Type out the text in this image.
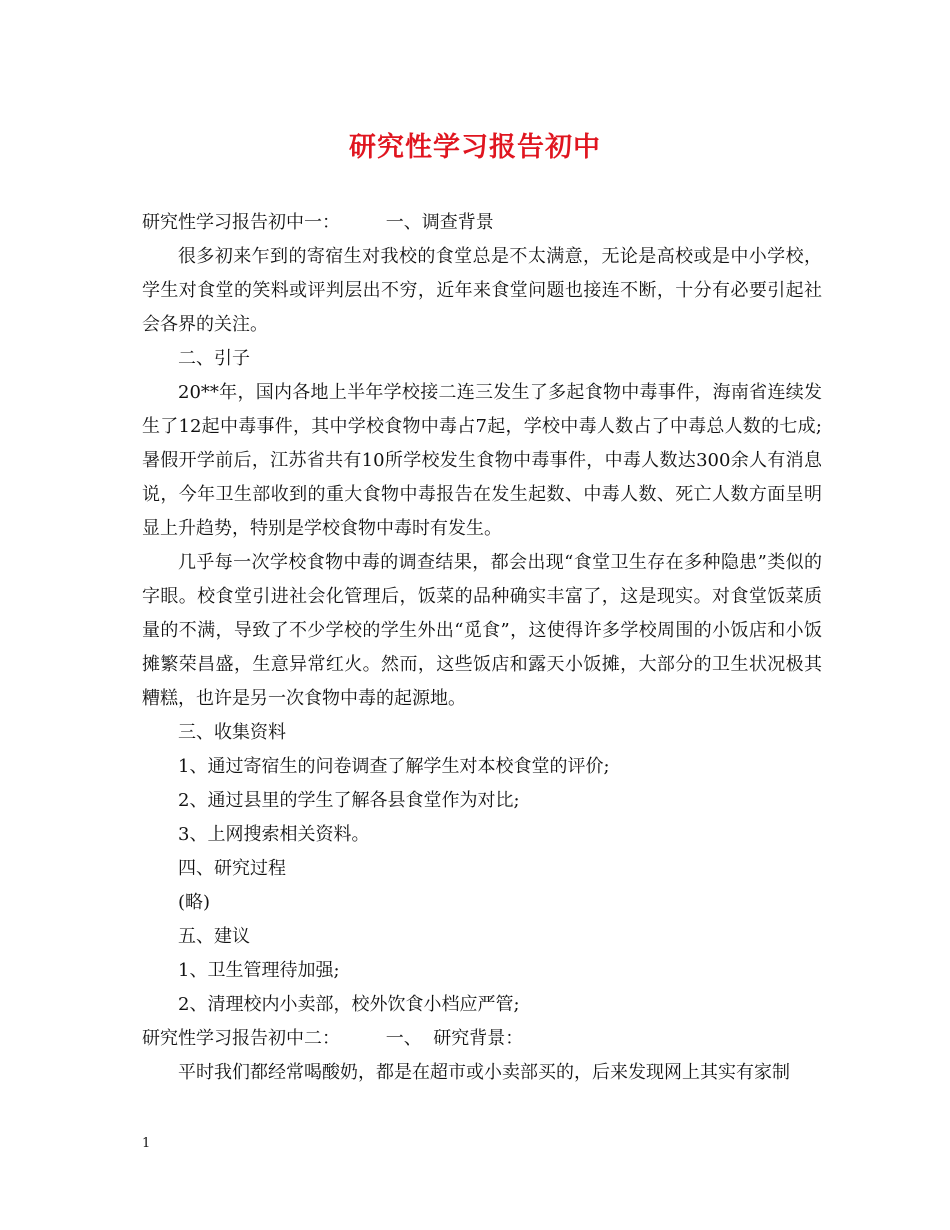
研究性学习报告初中

研究性学习报告初中一：        一、调查背景

很多初来乍到的寄宿生对我校的食堂总是不太满意，无论是高校或是中小学校，学生对食堂的笑料或评判层出不穷，近年来食堂问题也接连不断，十分有必要引起社会各界的关注。

二、引子

20**年，国内各地上半年学校接二连三发生了多起食物中毒事件，海南省连续发生了12起中毒事件，其中学校食物中毒占7起，学校中毒人数占了中毒总人数的七成;暑假开学前后，江苏省共有10所学校发生食物中毒事件，中毒人数达300余人有消息说，今年卫生部收到的重大食物中毒报告在发生起数、中毒人数、死亡人数方面呈明显上升趋势，特别是学校食物中毒时有发生。

几乎每一次学校食物中毒的调查结果，都会出现“食堂卫生存在多种隐患”类似的字眼。校食堂引进社会化管理后，饭菜的品种确实丰富了，这是现实。对食堂饭菜质量的不满，导致了不少学校的学生外出“觅食”，这使得许多学校周围的小饭店和小饭摊繁荣昌盛，生意异常红火。然而，这些饭店和露天小饭摊，大部分的卫生状况极其糟糕，也许是另一次食物中毒的起源地。

三、收集资料

1、通过寄宿生的问卷调查了解学生对本校食堂的评价;

2、通过县里的学生了解各县食堂作为对比;

3、上网搜索相关资料。

四、研究过程

(略)

五、建议

1、卫生管理待加强;

2、清理校内小卖部，校外饮食小档应严管;

研究性学习报告初中二：        一、  研究背景：

平时我们都经常喝酸奶，都是在超市或小卖部买的，后来发现网上其实有家制

1
